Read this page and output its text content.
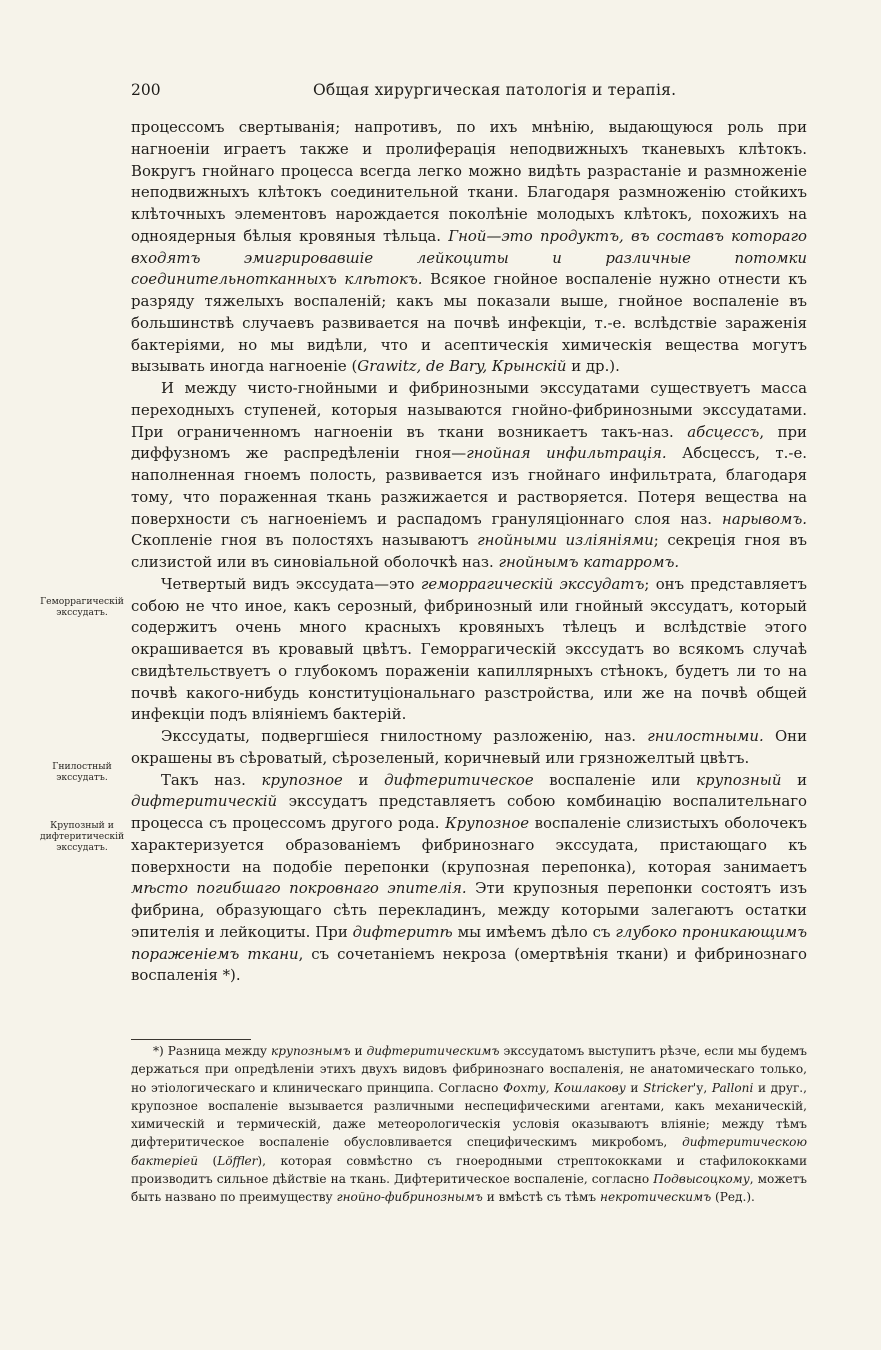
200	Общая хирургическая патологія и терапія.
Геморрагическій экссудатъ.
Гнилостный экссудатъ.
Крупозный и дифтеритическій экссудатъ.

процессомъ свертыванія; напротивъ, по ихъ мнѣнію, выдающуюся роль при нагноеніи играетъ также и пролиферація неподвижныхъ тканевыхъ клѣтокъ. Вокругъ гнойнаго процесса всегда легко можно видѣть разрастаніе и размноженіе неподвижныхъ клѣтокъ соединительной ткани. Благодаря размноженію стойкихъ клѣточныхъ элементовъ нарождается поколѣніе молодыхъ клѣтокъ, похожихъ на одноядерныя бѣлыя кровяныя тѣльца. Гной—это продуктъ, въ составъ котораго входятъ эмигрировавшіе лейкоциты и различные потомки соединительнотканныхъ клѣтокъ. Всякое гнойное воспаленіе нужно отнести къ разряду тяжелыхъ воспаленій; какъ мы показали выше, гнойное воспаленіе въ большинствѣ случаевъ развивается на почвѣ инфекціи, т.-е. вслѣдствіе зараженія бактеріями, но мы видѣли, что и асептическія химическія вещества могутъ вызывать иногда нагноеніе (Grawitz, de Bary, Крынскій и др.).

И между чисто-гнойными и фибринозными экссудатами существуетъ масса переходныхъ ступеней, которыя называются гнойно-фибринозными экссудатами. При ограниченномъ нагноеніи въ ткани возникаетъ такъ-наз. абсцессъ, при диффузномъ же распредѣленіи гноя—гнойная инфильтрація. Абсцессъ, т.-е. наполненная гноемъ полость, развивается изъ гнойнаго инфильтрата, благодаря тому, что пораженная ткань разжижается и растворяется. Потеря вещества на поверхности съ нагноеніемъ и распадомъ грануляціоннаго слоя наз. нарывомъ. Скопленіе гноя въ полостяхъ называютъ гнойными изліяніями; секреція гноя въ слизистой или въ синовіальной оболочкѣ наз. гнойнымъ катарромъ.

Четвертый видъ экссудата—это геморрагическій экссудатъ; онъ представляетъ собою не что иное, какъ серозный, фибринозный или гнойный экссудатъ, который содержитъ очень много красныхъ кровяныхъ тѣлецъ и вслѣдствіе этого окрашивается въ кровавый цвѣтъ. Геморрагическій экссудатъ во всякомъ случаѣ свидѣтельствуетъ о глубокомъ пораженіи капиллярныхъ стѣнокъ, будетъ ли то на почвѣ какого-нибудь конституціональнаго разстройства, или же на почвѣ общей инфекціи подъ вліяніемъ бактерій.

Экссудаты, подвергшіеся гнилостному разложенію, наз. гнилостными. Они окрашены въ сѣроватый, сѣрозеленый, коричневый или грязножелтый цвѣтъ.

Такъ наз. крупозное и дифтеритическое воспаленіе или крупозный и дифтеритическій экссудатъ представляетъ собою комбинацію воспалительнаго процесса съ процессомъ другого рода. Крупозное воспаленіе слизистыхъ оболочекъ характеризуется образованіемъ фибринознаго экссудата, пристающаго къ поверхности на подобіе перепонки (крупозная перепонка), которая занимаетъ мѣсто погибшаго покровнаго эпителія. Эти крупозныя перепонки состоятъ изъ фибрина, образующаго сѣть перекладинъ, между которыми залегаютъ остатки эпителія и лейкоциты. При дифтеритѣ мы имѣемъ дѣло съ глубоко проникающимъ пораженіемъ ткани, съ сочетаніемъ некроза (омертвѣнія ткани) и фибринознаго воспаленія *).

*) Разница между крупознымъ и дифтеритическимъ экссудатомъ выступитъ рѣзче, если мы будемъ держаться при опредѣленіи этихъ двухъ видовъ фибринознаго воспаленія, не анатомическаго только, но этіологическаго и клиническаго принципа. Согласно Фохту, Кошлакову и Stricker'у, Palloni и друг., крупозное воспаленіе вызывается различными неспецифическими агентами, какъ механическій, химическій и термическій, даже метеорологическія условія оказываютъ вліяніе; между тѣмъ дифтеритическое воспаленіе обусловливается специфическимъ микробомъ, дифтеритическою бактеріей (Löffler), которая совмѣстно съ гноеродными стрептококками и стафилококками производитъ сильное дѣйствіе на ткань. Дифтеритическое воспаленіе, согласно Подвысоцкому, можетъ быть названо по преимуществу гнойно-фибринознымъ и вмѣстѣ съ тѣмъ некротическимъ (Ред.).
